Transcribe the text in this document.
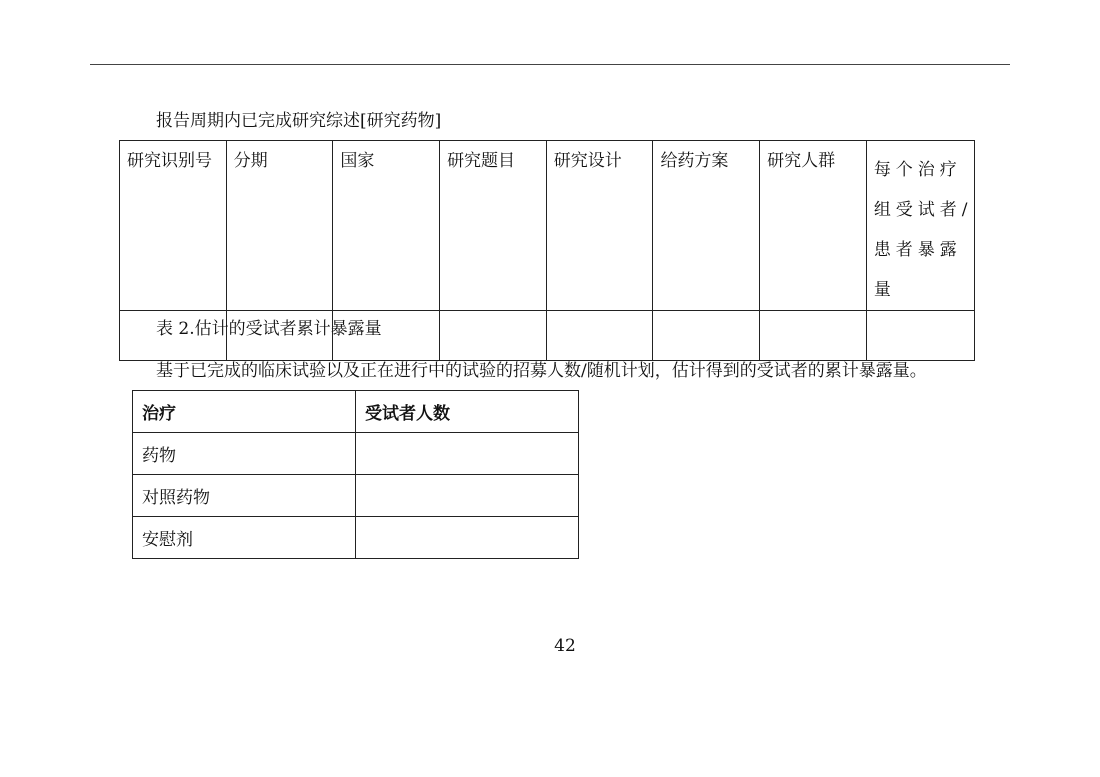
报告周期内已完成研究综述[研究药物]
研究识别号	分期	国家	研究题目	研究设计	给药方案	研究人群	每个治疗组受试者/患者暴露量

表 2.估计的受试者累计暴露量
基于已完成的临床试验以及正在进行中的试验的招募人数/随机计划，估计得到的受试者的累计暴露量。
治疗	受试者人数
药物	
对照药物	
安慰剂	
42
